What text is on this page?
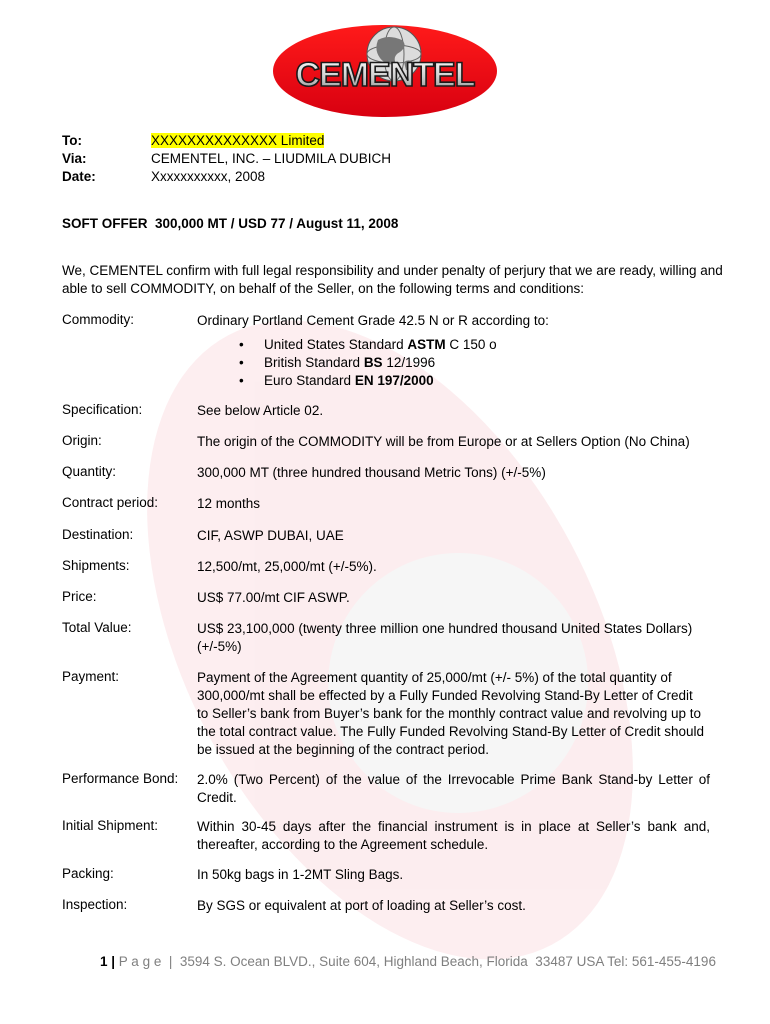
CEMENTEL
To:	XXXXXXXXXXXXXX Limited
Via:	CEMENTEL, INC. – LIUDMILA DUBICH
Date:	Xxxxxxxxxxx, 2008
SOFT OFFER  300,000 MT / USD 77 / August 11, 2008
We, CEMENTEL confirm with full legal responsibility and under penalty of perjury that we are ready, willing and
able to sell COMMODITY, on behalf of the Seller, on the following terms and conditions:
Commodity:	Ordinary Portland Cement Grade 42.5 N or R according to:
• United States Standard ASTM C 150 o
• British Standard BS 12/1996
• Euro Standard EN 197/2000
Specification:	See below Article 02.
Origin:	The origin of the COMMODITY will be from Europe or at Sellers Option (No China)
Quantity:	300,000 MT (three hundred thousand Metric Tons) (+/-5%)
Contract period:	12 months
Destination:	CIF, ASWP DUBAI, UAE
Shipments:	12,500/mt, 25,000/mt (+/-5%).
Price:	US$ 77.00/mt CIF ASWP.
Total Value:	US$ 23,100,000 (twenty three million one hundred thousand United States Dollars) (+/-5%)
Payment:	Payment of the Agreement quantity of 25,000/mt (+/- 5%) of the total quantity of 300,000/mt shall be effected by a Fully Funded Revolving Stand-By Letter of Credit to Seller’s bank from Buyer’s bank for the monthly contract value and revolving up to the total contract value. The Fully Funded Revolving Stand-By Letter of Credit should be issued at the beginning of the contract period.
Performance Bond: 2.0% (Two Percent) of the value of the Irrevocable Prime Bank Stand-by Letter of Credit.
Initial Shipment:	Within 30-45 days after the financial instrument is in place at Seller’s bank and, thereafter, according to the Agreement schedule.
Packing:	In 50kg bags in 1-2MT Sling Bags.
Inspection:	By SGS or equivalent at port of loading at Seller’s cost.
1 | P a g e  |  3594 S. Ocean BLVD., Suite 604, Highland Beach, Florida  33487 USA Tel: 561-455-4196
